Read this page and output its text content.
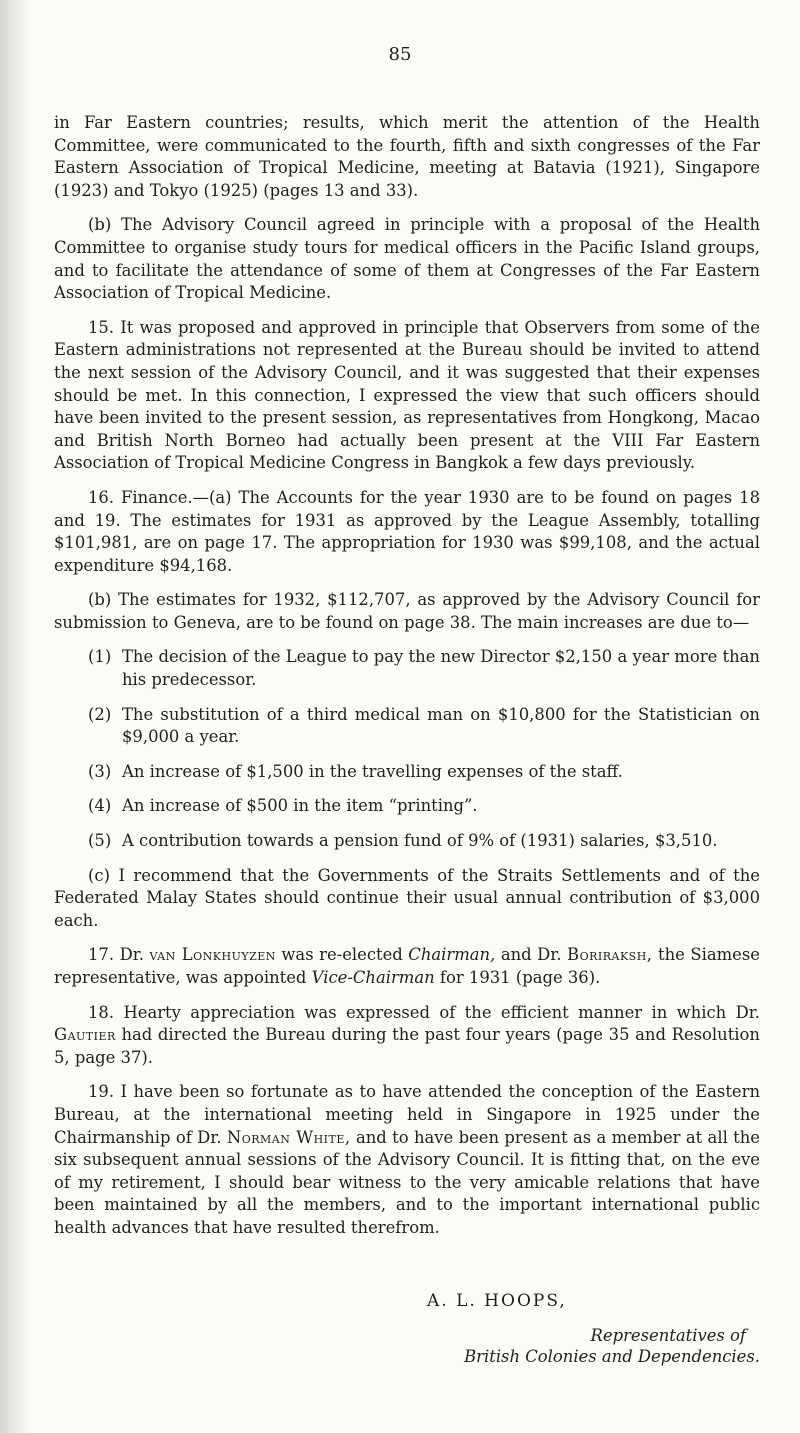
85

in Far Eastern countries; results, which merit the attention of the Health Committee, were communicated to the fourth, fifth and sixth congresses of the Far Eastern Association of Tropical Medicine, meeting at Batavia (1921), Singapore (1923) and Tokyo (1925) (pages 13 and 33).

(b) The Advisory Council agreed in principle with a proposal of the Health Committee to organise study tours for medical officers in the Pacific Island groups, and to facilitate the attendance of some of them at Congresses of the Far Eastern Association of Tropical Medicine.

15. It was proposed and approved in principle that Observers from some of the Eastern administrations not represented at the Bureau should be invited to attend the next session of the Advisory Council, and it was suggested that their expenses should be met. In this connection, I expressed the view that such officers should have been invited to the present session, as representatives from Hongkong, Macao and British North Borneo had actually been present at the VIII Far Eastern Association of Tropical Medicine Congress in Bangkok a few days previously.

16. Finance.—(a) The Accounts for the year 1930 are to be found on pages 18 and 19. The estimates for 1931 as approved by the League Assembly, totalling $101,981, are on page 17. The appropriation for 1930 was $99,108, and the actual expenditure $94,168.

(b) The estimates for 1932, $112,707, as approved by the Advisory Council for submission to Geneva, are to be found on page 38. The main increases are due to—

(1) The decision of the League to pay the new Director $2,150 a year more than his predecessor.
(2) The substitution of a third medical man on $10,800 for the Statistician on $9,000 a year.
(3) An increase of $1,500 in the travelling expenses of the staff.
(4) An increase of $500 in the item “printing”.
(5) A contribution towards a pension fund of 9% of (1931) salaries, $3,510.

(c) I recommend that the Governments of the Straits Settlements and of the Federated Malay States should continue their usual annual contribution of $3,000 each.

17. Dr. van Lonkhuyzen was re-elected Chairman, and Dr. Boriraksh, the Siamese representative, was appointed Vice-Chairman for 1931 (page 36).

18. Hearty appreciation was expressed of the efficient manner in which Dr. Gautier had directed the Bureau during the past four years (page 35 and Resolution 5, page 37).

19. I have been so fortunate as to have attended the conception of the Eastern Bureau, at the international meeting held in Singapore in 1925 under the Chairmanship of Dr. Norman White, and to have been present as a member at all the six subsequent annual sessions of the Advisory Council. It is fitting that, on the eve of my retirement, I should bear witness to the very amicable relations that have been maintained by all the members, and to the important international public health advances that have resulted therefrom.

A. L. HOOPS,
Representatives of
British Colonies and Dependencies.
